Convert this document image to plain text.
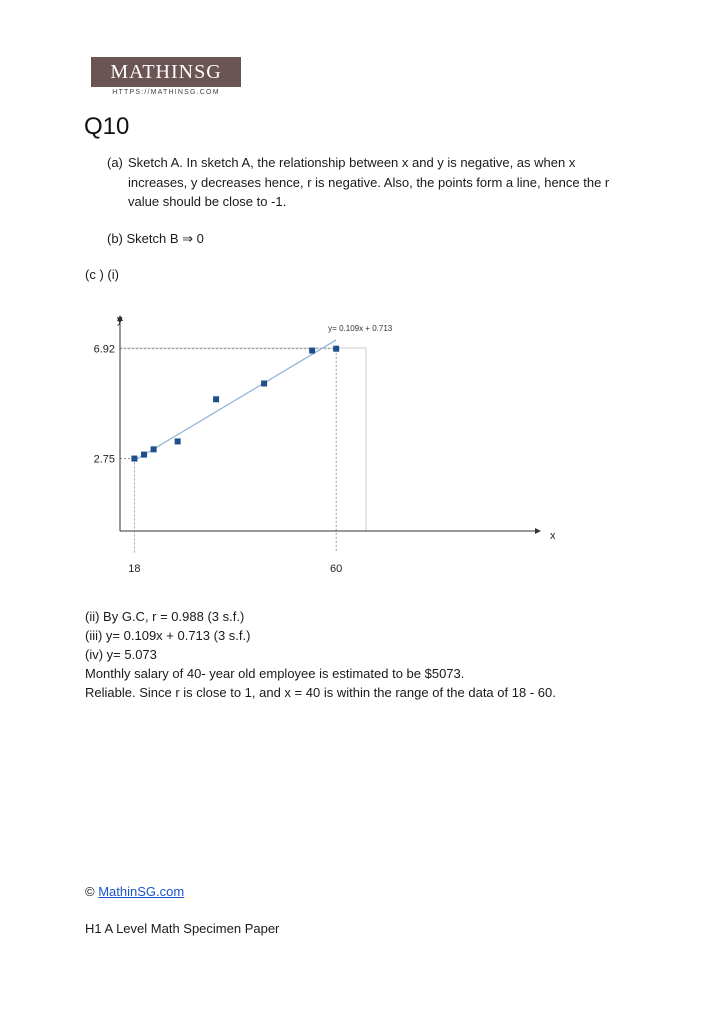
MATHINSG
HTTPS://MATHINSG.COM
Q10
(a) Sketch A. In sketch A, the relationship between x and y is negative, as when x increases, y decreases hence, r is negative. Also, the points form a line, hence the r value should be close to -1.
(b) Sketch B ⇒ 0
(c ) (i)
x
y
18	60
2.75
6.92
y= 0.109x + 0.713
(ii) By G.C, r = 0.988 (3 s.f.)
(iii) y= 0.109x + 0.713 (3 s.f.)
(iv) y= 5.073
Monthly salary of 40- year old employee is estimated to be $5073.
Reliable. Since r is close to 1, and x = 40 is within the range of the data of 18 - 60.
© MathinSG.com
H1 A Level Math Specimen Paper
